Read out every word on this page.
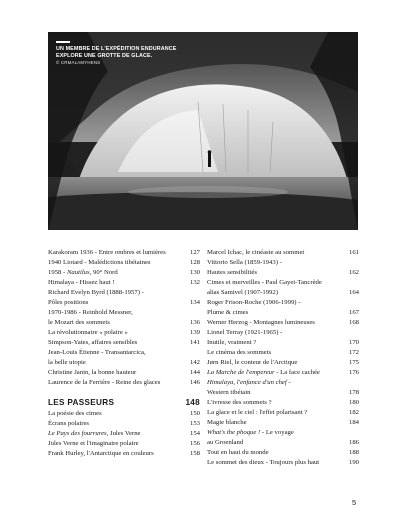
UN MEMBRE DE L'EXPÉDITION ENDURANCE
EXPLORE UNE GROTTE DE GLACE.
© CRMALAMYHENS
Karakoram 1936 - Entre ombres et lumières	127
1940 Liotard - Malédictions tibétaines	128
1958 - Nautilus, 90° Nord	130
Himalaya - Hissez haut !	132
Richard Evelyn Byrd (1888-1957) -
Pôles positions	134
1970-1986 - Reinhold Messner,
le Mozart des sommets	136
La révolutionnaire « polaire »	139
Simpson-Yates, affaires sensibles	141
Jean-Louis Étienne - Transantarcica,
la belle utopie	142
Christine Janin, la bonne hauteur	144
Laurence de la Ferrière - Reine des glaces	146
LES PASSEURS	148
La poésie des cimes	150
Écrans polaires	153
Le Pays des fourrures, Jules Verne	154
Jules Verne et l'imaginaire polaire	156
Frank Hurley, l'Antarctique en couleurs	158
Marcel Ichac, le cinéaste au sommet	161
Vittorio Sella (1859-1943) -
Hautes sensibilités	162
Cimes et merveilles - Paul Gayet-Tancrède
alias Samivel (1907-1992)	164
Roger Frison-Roche (1906-1999) -
Plume & cimes	167
Werner Herzog - Montagnes lumineuses	168
Lionel Terray (1921-1965) -
Inutile, vraiment ?	170
Le cinéma des sommets	172
Jørn Riel, le conteur de l'Arctique	175
La Marche de l'empereur - La face cachée	176
Himalaya, l'enfance d'un chef -
Western tibétain	178
L'ivresse des sommets ?	180
La glace et le ciel : l'effet polarisant ?	182
Magie blanche	184
What's the phoque ! - Le voyage
au Groenland	186
Tout en haut du monde	188
Le sommet des dieux - Toujours plus haut	190
5
